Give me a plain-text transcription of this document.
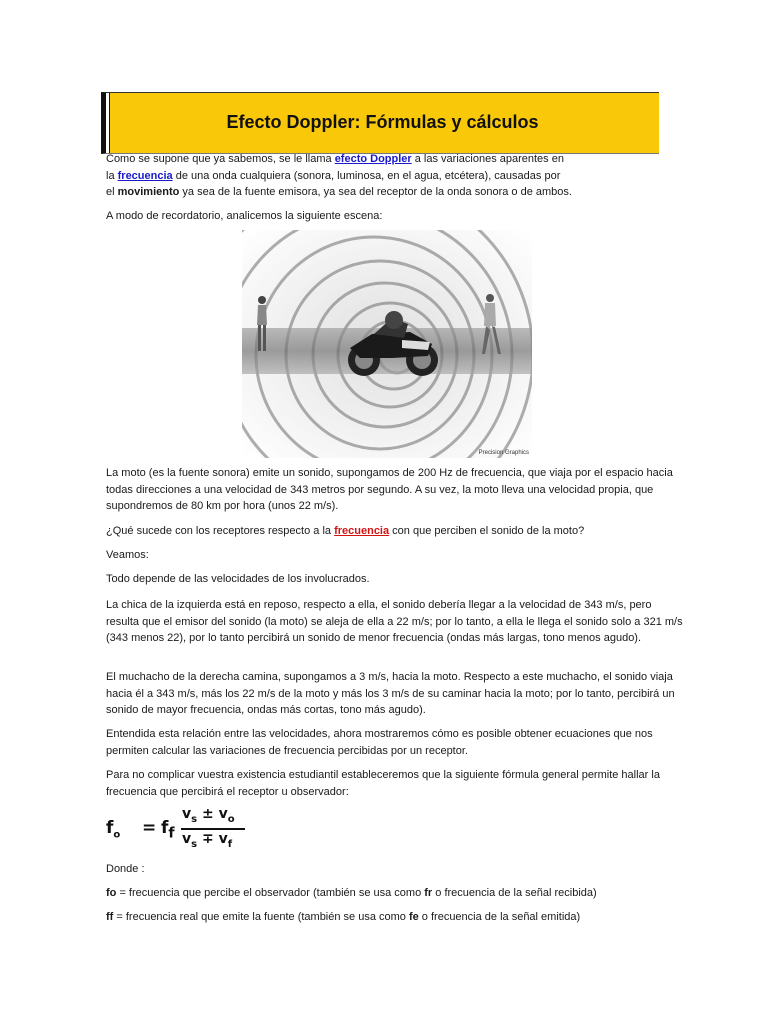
Efecto Doppler: Fórmulas y cálculos

Como se supone que ya sabemos, se le llama efecto Doppler a las variaciones aparentes en
la frecuencia de una onda cualquiera (sonora, luminosa, en el agua, etcétera), causadas por
el movimiento ya sea de la fuente emisora, ya sea del receptor de la onda sonora o de ambos.

A modo de recordatorio, analicemos la siguiente escena:

Precision Graphics

La moto (es la fuente sonora) emite un sonido, supongamos de 200 Hz de frecuencia, que viaja por el espacio hacia todas direcciones a una velocidad de 343 metros por segundo. A su vez, la moto lleva una velocidad propia, que supondremos de 80 km por hora (unos 22 m/s).

¿Qué sucede con los receptores respecto a la frecuencia con que perciben el sonido de la moto?

Veamos:

Todo depende de las velocidades de los involucrados.

La chica de la izquierda está en reposo, respecto a ella, el sonido debería llegar a la velocidad de 343 m/s, pero resulta que el emisor del sonido (la moto) se aleja de ella a 22 m/s; por lo tanto, a ella le llega el sonido solo a 321 m/s (343 menos 22), por lo tanto percibirá un sonido de menor frecuencia (ondas más largas, tono menos agudo).

El muchacho de la derecha camina, supongamos a 3 m/s, hacia la moto. Respecto a este muchacho, el sonido viaja hacia él a 343 m/s, más los 22 m/s de la moto y más los 3 m/s de su caminar hacia la moto; por lo tanto, percibirá un sonido de mayor frecuencia, ondas más cortas, tono más agudo).

Entendida esta relación entre las velocidades, ahora mostraremos cómo es posible obtener ecuaciones que nos permiten calcular las variaciones de frecuencia percibidas por un receptor.

Para no complicar vuestra existencia estudiantil estableceremos que la siguiente fórmula general permite hallar la frecuencia que percibirá el receptor u observador:

$f_o = f_f$
$v_s \pm v_o$
$v_s \mp v_f$

Donde :

fo = frecuencia que percibe el observador (también se usa como fr o frecuencia de la señal recibida)

ff = frecuencia real que emite la fuente (también se usa como fe o frecuencia de la señal emitida)
